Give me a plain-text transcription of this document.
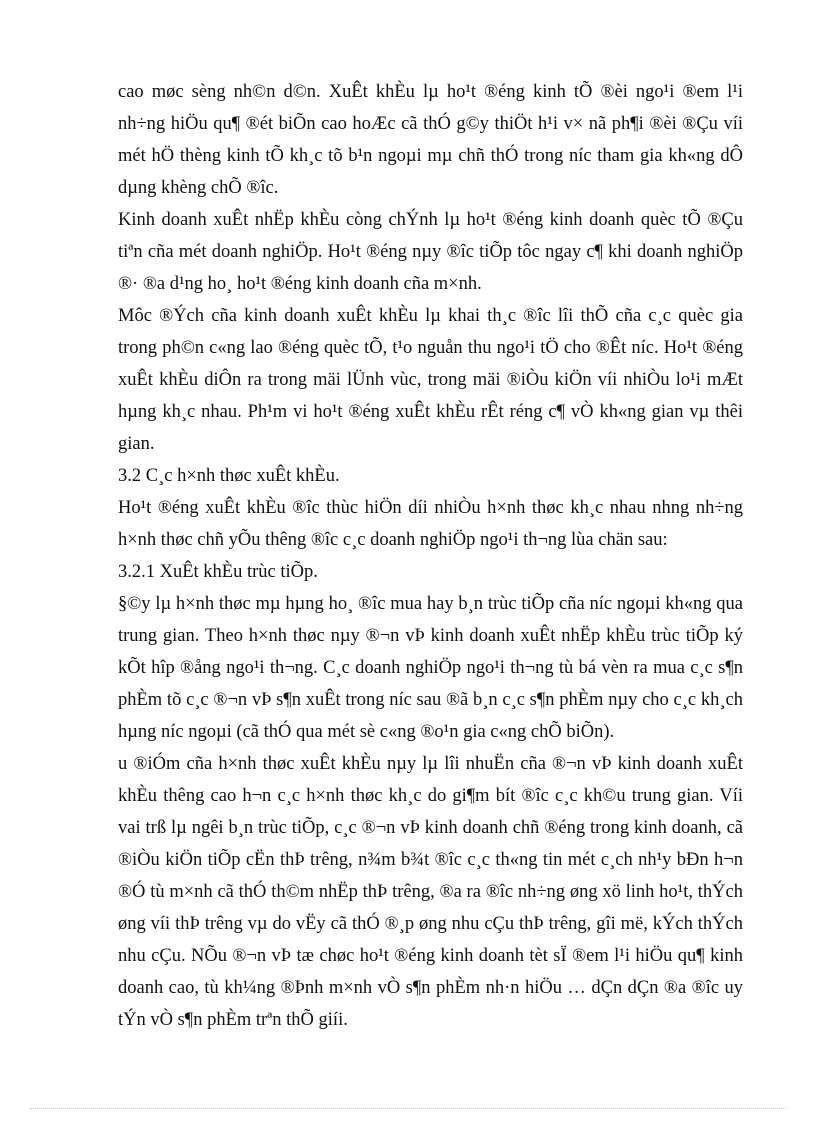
cao møc sèng nh©n d©n. XuÊt khÈu lµ ho¹t ®éng kinh tÕ ®èi ngo¹i ®em l¹i nh÷ng hiÖu qu¶ ®ét biÕn cao hoÆc cã thÓ g©y thiÖt h¹i v× nã ph¶i ®èi ®Çu víi mét hÖ thèng kinh tÕ kh¸c tõ b¹n ngoµi mµ chñ thÓ trong níc tham gia kh«ng dÔ dµng khèng chÕ ®îc.

Kinh doanh xuÊt nhËp khÈu còng chÝnh lµ ho¹t ®éng kinh doanh quèc tÕ ®Çu tiªn cña mét doanh nghiÖp. Ho¹t ®éng nµy ®îc tiÕp tôc ngay c¶ khi doanh nghiÖp ®· ®a d¹ng ho¸ ho¹t ®éng kinh doanh cña m×nh.

Môc ®Ých cña kinh doanh xuÊt khÈu lµ khai th¸c ®îc lîi thÕ cña c¸c quèc gia trong ph©n c«ng lao ®éng quèc tÕ, t¹o nguån thu ngo¹i tÖ cho ®Êt níc. Ho¹t ®éng xuÊt khÈu diÔn ra trong mäi lÜnh vùc, trong mäi ®iÒu kiÖn víi nhiÒu lo¹i mÆt hµng kh¸c nhau. Ph¹m vi ho¹t ®éng xuÊt khÈu rÊt réng c¶ vÒ kh«ng gian vµ thêi gian.

3.2 C¸c h×nh thøc xuÊt khÈu.

Ho¹t ®éng xuÊt khÈu ®îc thùc hiÖn díi nhiÒu h×nh thøc kh¸c nhau nhng nh÷ng h×nh thøc chñ yÕu thêng ®îc c¸c doanh nghiÖp ngo¹i th¬ng lùa chän sau:

3.2.1 XuÊt khÈu trùc tiÕp.

§©y lµ h×nh thøc mµ hµng ho¸ ®îc mua hay b¸n trùc tiÕp cña níc ngoµi kh«ng qua trung gian. Theo h×nh thøc nµy ®¬n vÞ kinh doanh xuÊt nhËp khÈu trùc tiÕp ký kÕt hîp ®ång ngo¹i th¬ng. C¸c doanh nghiÖp ngo¹i th¬ng tù bá vèn ra mua c¸c s¶n phÈm tõ c¸c ®¬n vÞ s¶n xuÊt trong níc sau ®ã b¸n c¸c s¶n phÈm nµy cho c¸c kh¸ch hµng níc ngoµi (cã thÓ qua mét sè c«ng ®o¹n gia c«ng chÕ biÕn).

u ®iÓm cña h×nh thøc xuÊt khÈu nµy lµ lîi nhuËn cña ®¬n vÞ kinh doanh xuÊt khÈu thêng cao h¬n c¸c h×nh thøc kh¸c do gi¶m bít ®îc c¸c kh©u trung gian. Víi vai trß lµ ngêi b¸n trùc tiÕp, c¸c ®¬n vÞ kinh doanh chñ ®éng trong kinh doanh, cã ®iÒu kiÖn tiÕp cËn thÞ trêng, n¾m b¾t ®îc c¸c th«ng tin mét c¸ch nh¹y bÐn h¬n ®Ó tù m×nh cã thÓ th©m nhËp thÞ trêng, ®a ra ®îc nh÷ng øng xö linh ho¹t, thÝch øng víi thÞ trêng vµ do vËy cã thÓ ®¸p øng nhu cÇu thÞ trêng, gîi më, kÝch thÝch nhu cÇu. NÕu ®¬n vÞ tæ chøc ho¹t ®éng kinh doanh tèt sÏ ®em l¹i hiÖu qu¶ kinh doanh cao, tù kh¼ng ®Þnh m×nh vÒ s¶n phÈm nh·n hiÖu … dÇn dÇn ®a ®îc uy tÝn vÒ s¶n phÈm trªn thÕ giíi.
